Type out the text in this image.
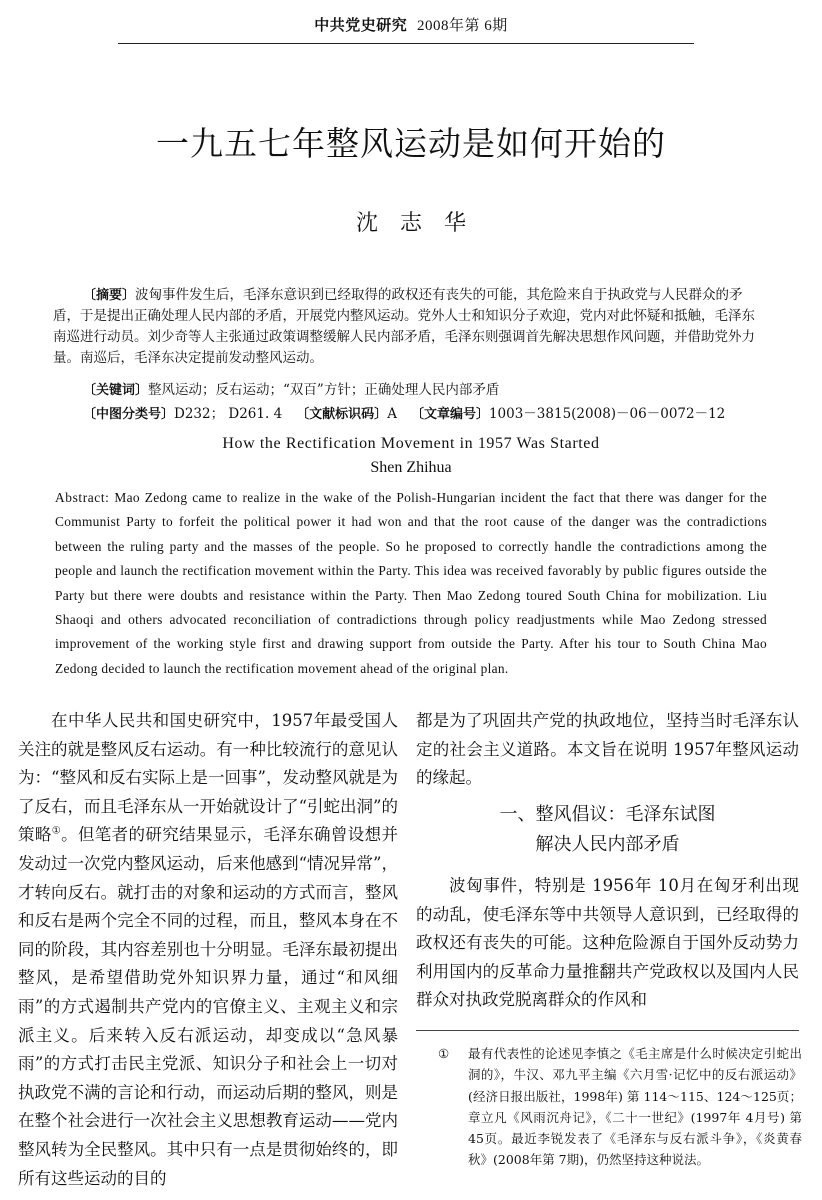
中共党史研究 2008年第 6期
一九五七年整风运动是如何开始的
沈志华
〔摘要〕波匈事件发生后，毛泽东意识到已经取得的政权还有丧失的可能，其危险来自于执政党与人民群众的矛盾，于是提出正确处理人民内部的矛盾，开展党内整风运动。党外人士和知识分子欢迎，党内对此怀疑和抵触，毛泽东南巡进行动员。刘少奇等人主张通过政策调整缓解人民内部矛盾，毛泽东则强调首先解决思想作风问题，并借助党外力量。南巡后，毛泽东决定提前发动整风运动。
〔关键词〕整风运动；反右运动；“双百”方针；正确处理人民内部矛盾
〔中图分类号〕D232； D261. 4 〔文献标识码〕A 〔文章编号〕1003－3815(2008)－06－0072－12
How the Rectification Movement in 1957 Was Started
Shen Zhihua
Abstract: Mao Zedong came to realize in the wake of the Polish-Hungarian incident the fact that there was danger for the Communist Party to forfeit the political power it had won and that the root cause of the danger was the contradictions between the ruling party and the masses of the people. So he proposed to correctly handle the contradictions among the people and launch the rectification movement within the Party. This idea was received favorably by public figures outside the Party but there were doubts and resistance within the Party. Then Mao Zedong toured South China for mobilization. Liu Shaoqi and others advocated reconciliation of contradictions through policy readjustments while Mao Zedong stressed improvement of the working style first and drawing support from outside the Party. After his tour to South China Mao Zedong decided to launch the rectification movement ahead of the original plan.
在中华人民共和国史研究中，1957年最受国人关注的就是整风反右运动。有一种比较流行的意见认为：“整风和反右实际上是一回事”，发动整风就是为了反右，而且毛泽东从一开始就设计了“引蛇出洞”的策略①。但笔者的研究结果显示，毛泽东确曾设想并发动过一次党内整风运动，后来他感到“情况异常”，才转向反右。就打击的对象和运动的方式而言，整风和反右是两个完全不同的过程，而且，整风本身在不同的阶段，其内容差别也十分明显。毛泽东最初提出整风，是希望借助党外知识界力量，通过“和风细雨”的方式遏制共产党内的官僚主义、主观主义和宗派主义。后来转入反右派运动，却变成以“急风暴雨”的方式打击民主党派、知识分子和社会上一切对执政党不满的言论和行动，而运动后期的整风，则是在整个社会进行一次社会主义思想教育运动——党内整风转为全民整风。其中只有一点是贯彻始终的，即所有这些运动的目的
都是为了巩固共产党的执政地位，坚持当时毛泽东认定的社会主义道路。本文旨在说明 1957年整风运动的缘起。
一、整风倡议：毛泽东试图
解决人民内部矛盾
波匈事件，特别是 1956年 10月在匈牙利出现的动乱，使毛泽东等中共领导人意识到，已经取得的政权还有丧失的可能。这种危险源自于国外反动势力利用国内的反革命力量推翻共产党政权以及国内人民群众对执政党脱离群众的作风和
①	最有代表性的论述见李慎之《毛主席是什么时候决定引蛇出洞的》，牛汉、邓九平主编《六月雪·记忆中的反右派运动》(经济日报出版社，1998年) 第 114～115、124～125页；章立凡《风雨沉舟记》，《二十一世纪》(1997年 4月号) 第 45页。最近李锐发表了《毛泽东与反右派斗争》，《炎黄春秋》(2008年第 7期)，仍然坚持这种说法。
